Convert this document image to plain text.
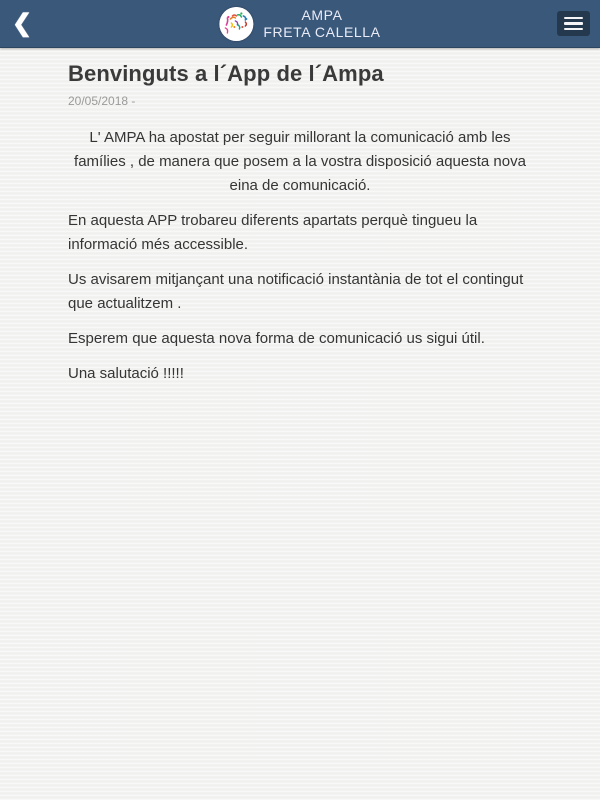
❮	AMPA
FRETA CALELLA
Benvinguts a l´App de l´Ampa
20/05/2018 -

L' AMPA ha apostat per seguir millorant la comunicació amb les famílies , de manera que posem a la vostra disposició aquesta nova eina de comunicació.

En aquesta APP trobareu diferents apartats perquè tingueu la informació més accessible.

Us avisarem mitjançant una notificació instantània de tot el contingut que actualitzem .

Esperem que aquesta nova forma de comunicació us sigui útil.

Una salutació !!!!!
